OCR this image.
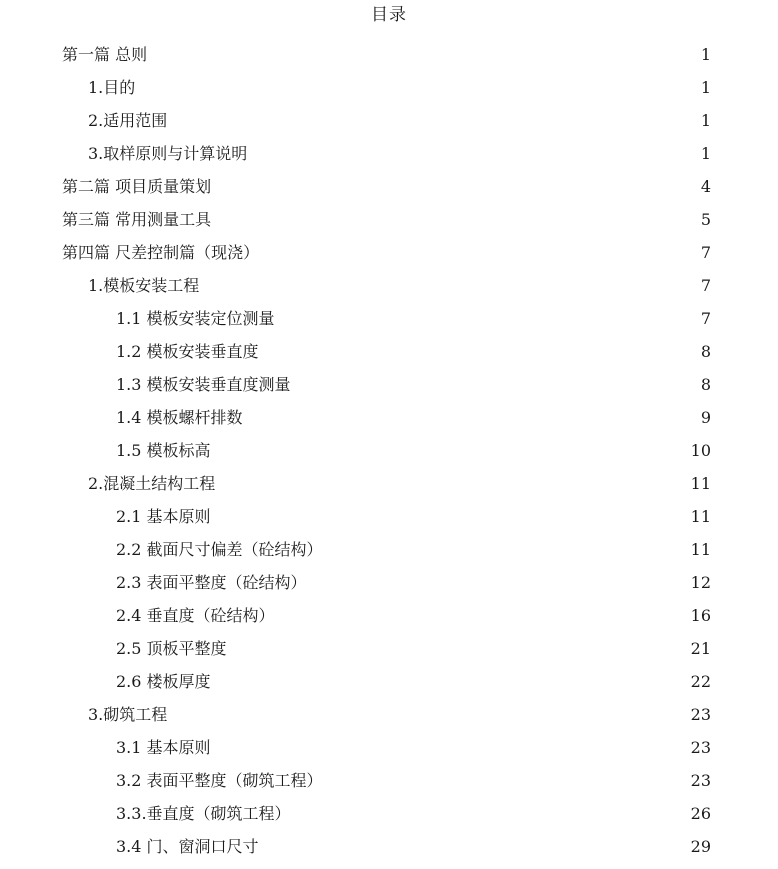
目录
第一篇 总则	1
1.目的	1
2.适用范围	1
3.取样原则与计算说明	1
第二篇 项目质量策划	4
第三篇 常用测量工具	5
第四篇 尺差控制篇（现浇）	7
1.模板安装工程	7
1.1 模板安装定位测量	7
1.2 模板安装垂直度	8
1.3 模板安装垂直度测量	8
1.4 模板螺杆排数	9
1.5 模板标高	10
2.混凝土结构工程	11
2.1 基本原则	11
2.2 截面尺寸偏差（砼结构）	11
2.3 表面平整度（砼结构）	12
2.4 垂直度（砼结构）	16
2.5 顶板平整度	21
2.6 楼板厚度	22
3.砌筑工程	23
3.1 基本原则	23
3.2 表面平整度（砌筑工程）	23
3.3.垂直度（砌筑工程）	26
3.4 门、窗洞口尺寸	29
